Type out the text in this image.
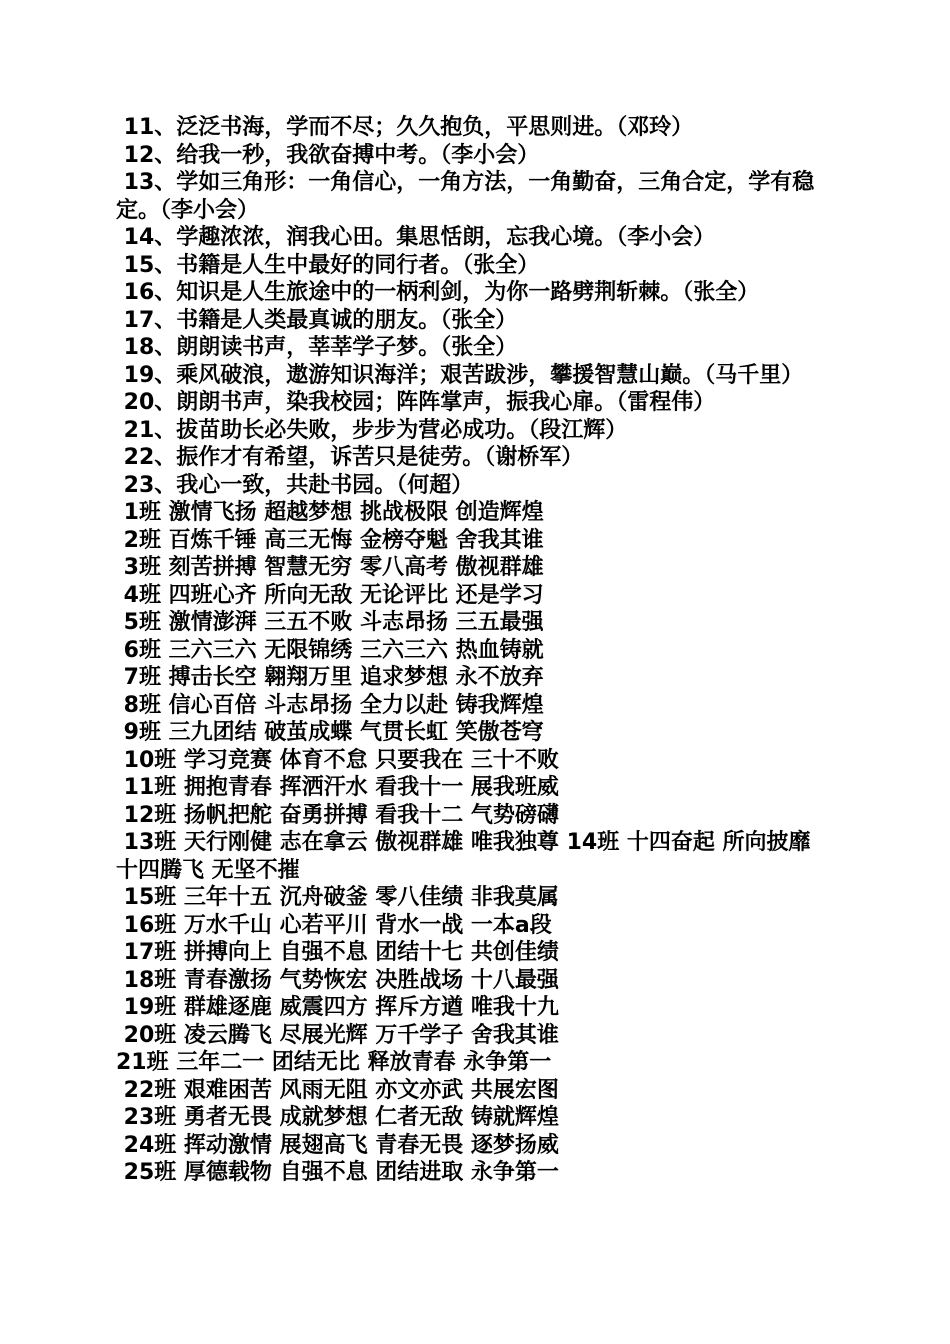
11、泛泛书海，学而不尽；久久抱负，平思则进。（邓玲）
12、给我一秒，我欲奋搏中考。（李小会）
13、学如三角形：一角信心，一角方法，一角勤奋，三角合定，学有稳定。（李小会）
14、学趣浓浓，润我心田。集思恬朗，忘我心境。（李小会）
15、书籍是人生中最好的同行者。（张全）
16、知识是人生旅途中的一柄利剑，为你一路劈荆斩棘。（张全）
17、书籍是人类最真诚的朋友。（张全）
18、朗朗读书声，莘莘学子梦。（张全）
19、乘风破浪，遨游知识海洋；艰苦跋涉，攀援智慧山巅。（马千里）
20、朗朗书声，染我校园；阵阵掌声，振我心扉。（雷程伟）
21、拔苗助长必失败，步步为营必成功。（段江辉）
22、振作才有希望，诉苦只是徒劳。（谢桥军）
23、我心一致，共赴书园。（何超）
1班 激情飞扬 超越梦想 挑战极限 创造辉煌
2班 百炼千锤 高三无悔 金榜夺魁 舍我其谁
3班 刻苦拼搏 智慧无穷 零八高考 傲视群雄
4班 四班心齐 所向无敌 无论评比 还是学习
5班 激情澎湃 三五不败 斗志昂扬 三五最强
6班 三六三六 无限锦绣 三六三六 热血铸就
7班 搏击长空 翱翔万里 追求梦想 永不放弃
8班 信心百倍 斗志昂扬 全力以赴 铸我辉煌
9班 三九团结 破茧成蝶 气贯长虹 笑傲苍穹
10班 学习竞赛 体育不怠 只要我在 三十不败
11班 拥抱青春 挥洒汗水 看我十一 展我班威
12班 扬帆把舵 奋勇拼搏 看我十二 气势磅礴
13班 天行刚健 志在拿云 傲视群雄 唯我独尊 14班 十四奋起 所向披靡 十四腾飞 无坚不摧
15班 三年十五 沉舟破釜 零八佳绩 非我莫属
16班 万水千山 心若平川 背水一战 一本a段
17班 拼搏向上 自强不息 团结十七 共创佳绩
18班 青春激扬 气势恢宏 决胜战场 十八最强
19班 群雄逐鹿 威震四方 挥斥方遒 唯我十九
20班 凌云腾飞 尽展光辉 万千学子 舍我其谁
21班 三年二一 团结无比 释放青春 永争第一
22班 艰难困苦 风雨无阻 亦文亦武 共展宏图
23班 勇者无畏 成就梦想 仁者无敌 铸就辉煌
24班 挥动激情 展翅高飞 青春无畏 逐梦扬威
25班 厚德载物 自强不息 团结进取 永争第一
